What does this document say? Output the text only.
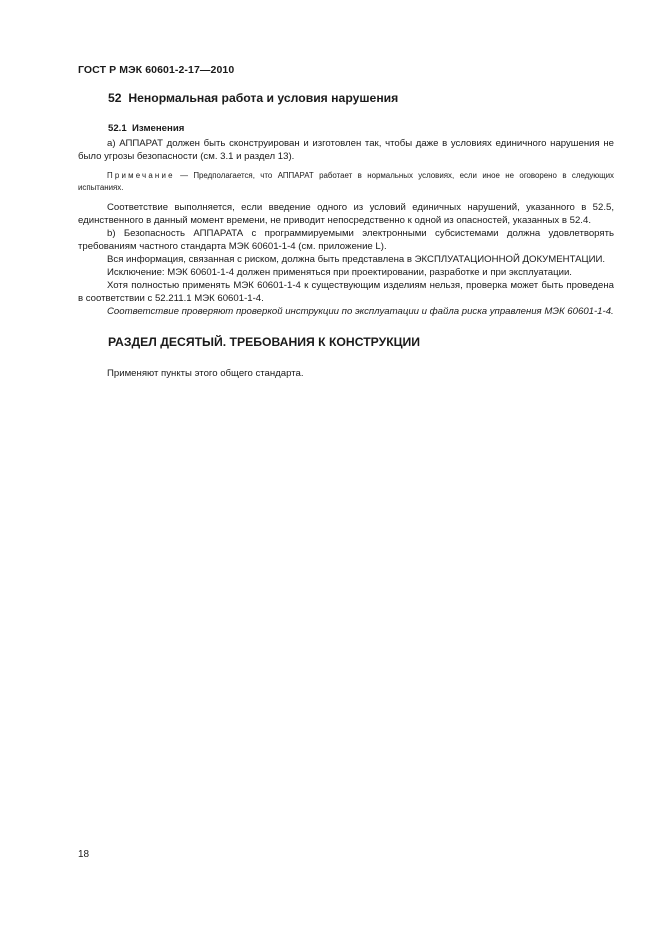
ГОСТ Р МЭК 60601-2-17—2010
52 Ненормальная работа и условия нарушения
52.1 Изменения

a) АППАРАТ должен быть сконструирован и изготовлен так, чтобы даже в условиях единичного нарушения не было угрозы безопасности (см. 3.1 и раздел 13).

Примечание — Предполагается, что АППАРАТ работает в нормальных условиях, если иное не оговорено в следующих испытаниях.

Соответствие выполняется, если введение одного из условий единичных нарушений, указанного в 52.5, единственного в данный момент времени, не приводит непосредственно к одной из опасностей, указанных в 52.4.

b) Безопасность АППАРАТА с программируемыми электронными субсистемами должна удовлетворять требованиям частного стандарта МЭК 60601-1-4 (см. приложение L).

Вся информация, связанная с риском, должна быть представлена в ЭКСПЛУАТАЦИОННОЙ ДОКУМЕНТАЦИИ.

Исключение: МЭК 60601-1-4 должен применяться при проектировании, разработке и при эксплуатации.

Хотя полностью применять МЭК 60601-1-4 к существующим изделиям нельзя, проверка может быть проведена в соответствии с 52.211.1 МЭК 60601-1-4.

Соответствие проверяют проверкой инструкции по эксплуатации и файла риска управления МЭК 60601-1-4.

РАЗДЕЛ ДЕСЯТЫЙ. ТРЕБОВАНИЯ К КОНСТРУКЦИИ

Применяют пункты этого общего стандарта.

18
